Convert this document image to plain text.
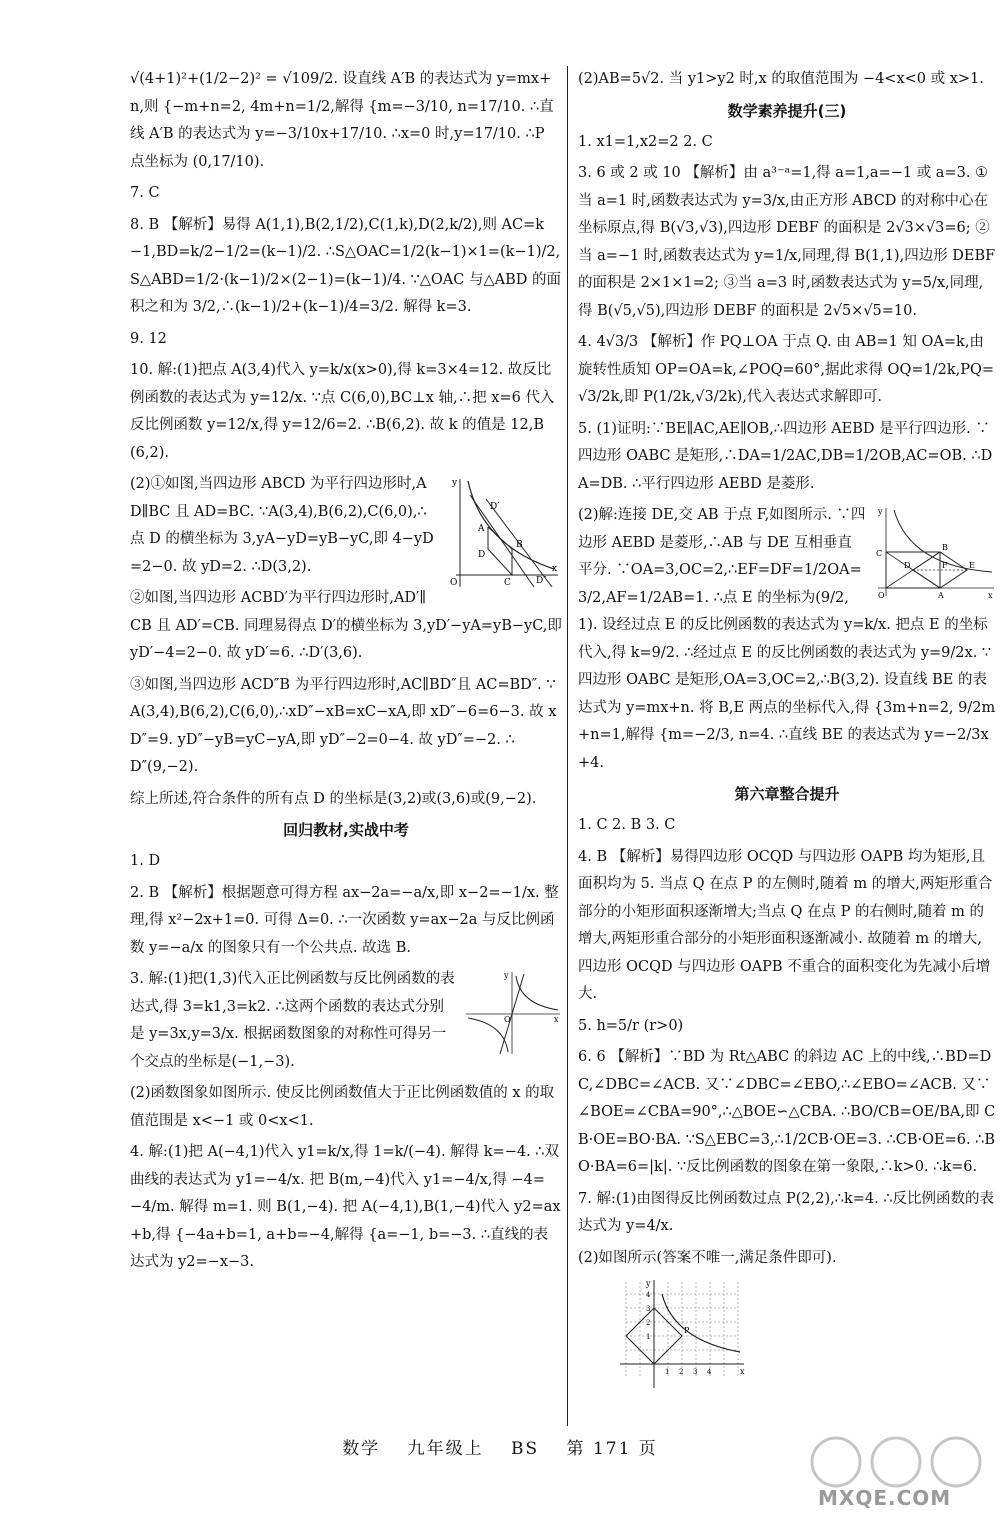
√(4+1)²+(1/2−2)² = √109/2. 设直线 A′B 的表达式为 y=mx+n,则 {−m+n=2, 4m+n=1/2,解得 {m=−3/10, n=17/10. ∴直线 A′B 的表达式为 y=−3/10x+17/10. ∴x=0 时,y=17/10. ∴P 点坐标为 (0,17/10).

7. C

8. B 【解析】易得 A(1,1),B(2,1/2),C(1,k),D(2,k/2),则 AC=k−1,BD=k/2−1/2=(k−1)/2. ∴S△OAC=1/2(k−1)×1=(k−1)/2,S△ABD=1/2·(k−1)/2×(2−1)=(k−1)/4. ∵△OAC 与△ABD 的面积之和为 3/2,∴(k−1)/2+(k−1)/4=3/2. 解得 k=3.

9. 12

10. 解:(1)把点 A(3,4)代入 y=k/x(x>0),得 k=3×4=12. 故反比例函数的表达式为 y=12/x. ∵点 C(6,0),BC⊥x 轴,∴把 x=6 代入反比例函数 y=12/x,得 y=12/6=2. ∴B(6,2). 故 k 的值是 12,B(6,2).

y
D′
A
B
D
O	C	D″
x

(2)①如图,当四边形 ABCD 为平行四边形时,AD∥BC 且 AD=BC. ∵A(3,4),B(6,2),C(6,0),∴点 D 的横坐标为 3,yA−yD=yB−yC,即 4−yD=2−0. 故 yD=2. ∴D(3,2).

②如图,当四边形 ACBD′为平行四边形时,AD′∥CB 且 AD′=CB. 同理易得点 D′的横坐标为 3,yD′−yA=yB−yC,即 yD′−4=2−0. 故 yD′=6. ∴D′(3,6).

③如图,当四边形 ACD″B 为平行四边形时,AC∥BD″且 AC=BD″. ∵A(3,4),B(6,2),C(6,0),∴xD″−xB=xC−xA,即 xD″−6=6−3. 故 xD″=9. yD″−yB=yC−yA,即 yD″−2=0−4. 故 yD″=−2. ∴D″(9,−2).

综上所述,符合条件的所有点 D 的坐标是(3,2)或(3,6)或(9,−2).

回归教材,实战中考

1. D

2. B 【解析】根据题意可得方程 ax−2a=−a/x,即 x−2=−1/x. 整理,得 x²−2x+1=0. 可得 Δ=0. ∴一次函数 y=ax−2a 与反比例函数 y=−a/x 的图象只有一个公共点. 故选 B.

y
x
O

3. 解:(1)把(1,3)代入正比例函数与反比例函数的表达式,得 3=k1,3=k2. ∴这两个函数的表达式分别是 y=3x,y=3/x. 根据函数图象的对称性可得另一个交点的坐标是(−1,−3).

(2)函数图象如图所示. 使反比例函数值大于正比例函数值的 x 的取值范围是 x<−1 或 0<x<1.

4. 解:(1)把 A(−4,1)代入 y1=k/x,得 1=k/(−4). 解得 k=−4. ∴双曲线的表达式为 y1=−4/x. 把 B(m,−4)代入 y1=−4/x,得 −4=−4/m. 解得 m=1. 则 B(1,−4). 把 A(−4,1),B(1,−4)代入 y2=ax+b,得 {−4a+b=1, a+b=−4,解得 {a=−1, b=−3. ∴直线的表达式为 y2=−x−3.

(2)AB=5√2. 当 y1>y2 时,x 的取值范围为 −4<x<0 或 x>1.

数学素养提升(三)

1. x1=1,x2=2 2. C

3. 6 或 2 或 10 【解析】由 a³⁻ᵃ=1,得 a=1,a=−1 或 a=3. ①当 a=1 时,函数表达式为 y=3/x,由正方形 ABCD 的对称中心在坐标原点,得 B(√3,√3),四边形 DEBF 的面积是 2√3×√3=6; ②当 a=−1 时,函数表达式为 y=1/x,同理,得 B(1,1),四边形 DEBF 的面积是 2×1×1=2; ③当 a=3 时,函数表达式为 y=5/x,同理,得 B(√5,√5),四边形 DEBF 的面积是 2√5×√5=10.

4. 4√3/3 【解析】作 PQ⊥OA 于点 Q. 由 AB=1 知 OA=k,由旋转性质知 OP=OA=k,∠POQ=60°,据此求得 OQ=1/2k,PQ=√3/2k,即 P(1/2k,√3/2k),代入表达式求解即可.

5. (1)证明:∵BE∥AC,AE∥OB,∴四边形 AEBD 是平行四边形. ∵四边形 OABC 是矩形,∴DA=1/2AC,DB=1/2OB,AC=OB. ∴DA=DB. ∴平行四边形 AEBD 是菱形.

y
C
D	F
B
E
O	A	x

(2)解:连接 DE,交 AB 于点 F,如图所示. ∵四边形 AEBD 是菱形,∴AB 与 DE 互相垂直平分. ∵OA=3,OC=2,∴EF=DF=1/2OA=3/2,AF=1/2AB=1. ∴点 E 的坐标为(9/2,1). 设经过点 E 的反比例函数的表达式为 y=k/x. 把点 E 的坐标代入,得 k=9/2. ∴经过点 E 的反比例函数的表达式为 y=9/2x. ∵四边形 OABC 是矩形,OA=3,OC=2,∴B(3,2). 设直线 BE 的表达式为 y=mx+n. 将 B,E 两点的坐标代入,得 {3m+n=2, 9/2m+n=1,解得 {m=−2/3, n=4. ∴直线 BE 的表达式为 y=−2/3x+4.

第六章整合提升

1. C 2. B 3. C

4. B 【解析】易得四边形 OCQD 与四边形 OAPB 均为矩形,且面积均为 5. 当点 Q 在点 P 的左侧时,随着 m 的增大,两矩形重合部分的小矩形面积逐渐增大;当点 Q 在点 P 的右侧时,随着 m 的增大,两矩形重合部分的小矩形面积逐渐减小. 故随着 m 的增大,四边形 OCQD 与四边形 OAPB 不重合的面积变化为先减小后增大.

5. h=5/r (r>0)

6. 6 【解析】∵BD 为 Rt△ABC 的斜边 AC 上的中线,∴BD=DC,∠DBC=∠ACB. 又∵∠DBC=∠EBO,∴∠EBO=∠ACB. 又∵∠BOE=∠CBA=90°,∴△BOE∽△CBA. ∴BO/CB=OE/BA,即 CB·OE=BO·BA. ∵S△EBC=3,∴1/2CB·OE=3. ∴CB·OE=6. ∴BO·BA=6=|k|. ∵反比例函数的图象在第一象限,∴k>0. ∴k=6.

7. 解:(1)由图得反比例函数过点 P(2,2),∴k=4. ∴反比例函数的表达式为 y=4/x.

(2)如图所示(答案不唯一,满足条件即可).

y
4
3
2
1
P
1 2 3 4	x
数学 九年级上 BS 第 171 页
MXQE.COM
